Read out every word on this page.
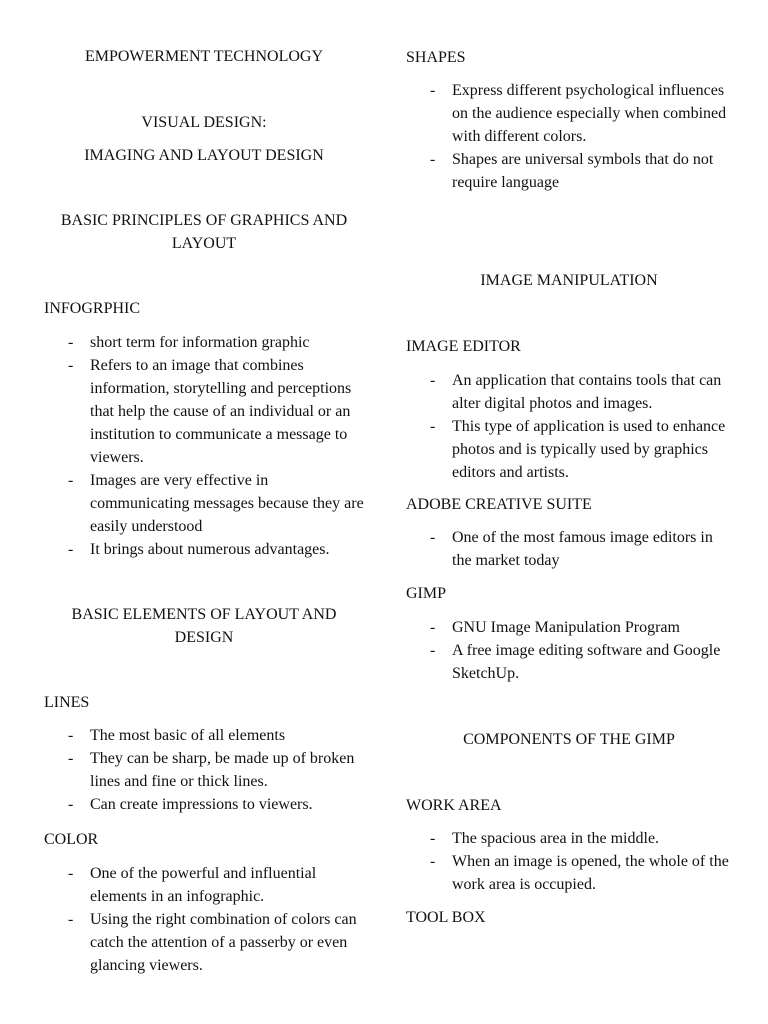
EMPOWERMENT TECHNOLOGY
VISUAL DESIGN:
IMAGING AND LAYOUT DESIGN
BASIC PRINCIPLES OF GRAPHICS AND LAYOUT
INFOGRPHIC
- short term for information graphic
- Refers to an image that combines information, storytelling and perceptions that help the cause of an individual or an institution to communicate a message to viewers.
- Images are very effective in communicating messages because they are easily understood
- It brings about numerous advantages.
BASIC ELEMENTS OF LAYOUT AND DESIGN
LINES
- The most basic of all elements
- They can be sharp, be made up of broken lines and fine or thick lines.
- Can create impressions to viewers.
COLOR
- One of the powerful and influential elements in an infographic.
- Using the right combination of colors can catch the attention of a passerby or even glancing viewers.
SHAPES
- Express different psychological influences on the audience especially when combined with different colors.
- Shapes are universal symbols that do not require language
IMAGE MANIPULATION
IMAGE EDITOR
- An application that contains tools that can alter digital photos and images.
- This type of application is used to enhance photos and is typically used by graphics editors and artists.
ADOBE CREATIVE SUITE
- One of the most famous image editors in the market today
GIMP
- GNU Image Manipulation Program
- A free image editing software and Google SketchUp.
COMPONENTS OF THE GIMP
WORK AREA
- The spacious area in the middle.
- When an image is opened, the whole of the work area is occupied.
TOOL BOX
